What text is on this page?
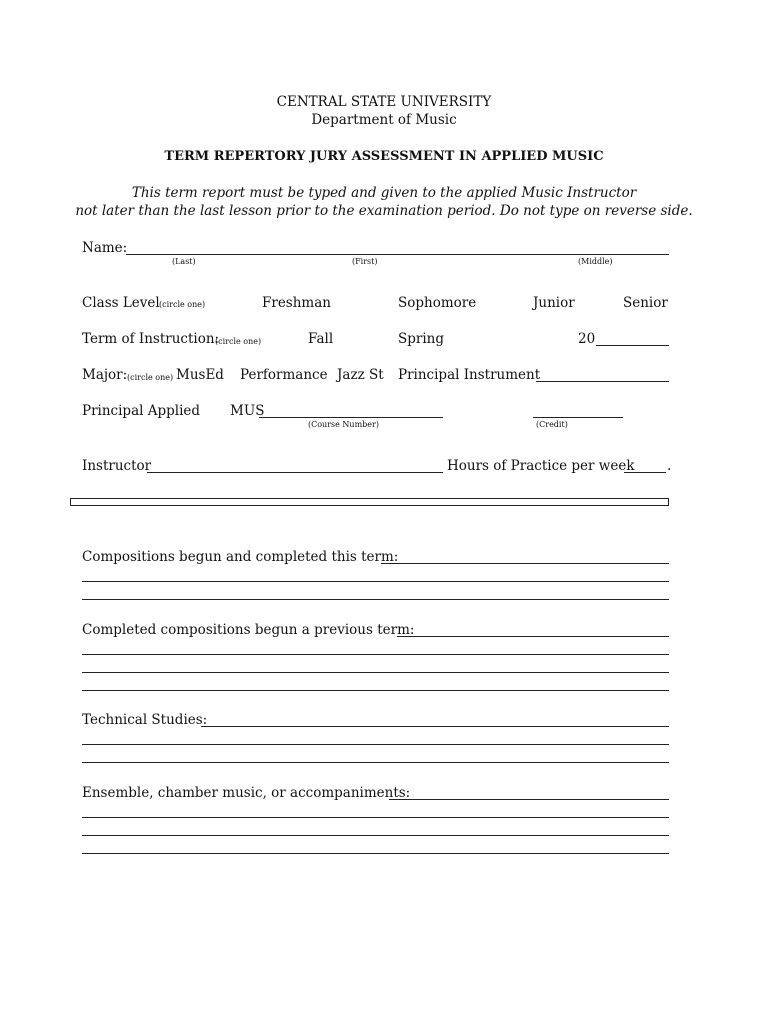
CENTRAL STATE UNIVERSITY
Department of Music
TERM REPERTORY JURY ASSESSMENT IN APPLIED MUSIC
This term report must be typed and given to the applied Music Instructor
not later than the last lesson prior to the examination period. Do not type on reverse side.
Name:
(Last)	(First)	(Middle)
Class Level (circle one)	Freshman	Sophomore	Junior	Senior
Term of Instruction:
(circle one)	Fall	Spring	20
Major: (circle one) MusEd Performance Jazz St Principal Instrument
Principal Applied MUS
(Course Number)	(Credit)
Instructor	Hours of Practice per week .
Compositions begun and completed this term:
Completed compositions begun a previous term:
Technical Studies:
Ensemble, chamber music, or accompaniments:
